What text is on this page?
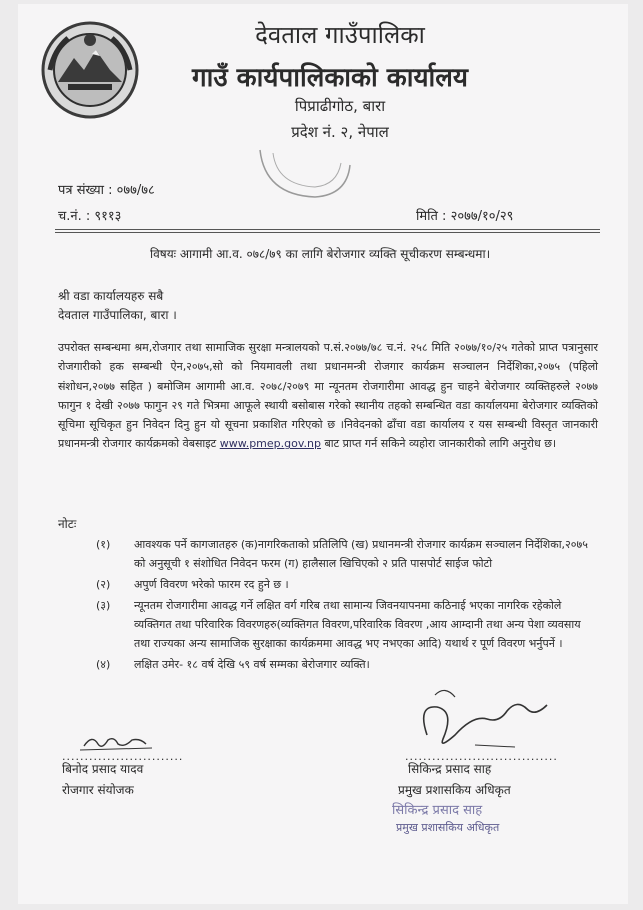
देवताल गाउँपालिका
गाउँ कार्यपालिकाको कार्यालय
पिप्राढीगोठ, बारा
प्रदेश नं. २, नेपाल
पत्र संख्या : ०७७/७८
च.नं. : ९११३	मिति : २०७७/१०/२९
विषयः आगामी आ.व. ०७८/७९ का लागि बेरोजगार व्यक्ति सूचीकरण सम्बन्धमा।
श्री वडा कार्यालयहरु सबै
देवताल गाउँपालिका, बारा ।
उपरोक्त सम्बन्धमा श्रम,रोजगार तथा सामाजिक सुरक्षा मन्त्रालयको प.सं.२०७७/७८ च.नं. २५८ मिति २०७७/१०/२५ गतेको प्राप्त पत्रानुसार रोजगारीको हक सम्बन्धी ऐन,२०७५,सो को नियमावली तथा प्रधानमन्त्री रोजगार कार्यक्रम सञ्चालन निर्देशिका,२०७५ (पहिलो संशोधन,२०७७ सहित ) बमोजिम आगामी आ.व. २०७८/२०७९ मा न्यूनतम रोजगारीमा आवद्ध हुन चाहने बेरोजगार व्यक्तिहरुले २०७७ फागुन १ देखी २०७७ फागुन २९ गते भित्रमा आफूले स्थायी बसोबास गरेको स्थानीय तहको सम्बन्धित वडा कार्यालयमा बेरोजगार व्यक्तिको सूचिमा सूचिकृत हुन निवेदन दिनु हुन यो सूचना प्रकाशित गरिएको छ ।निवेदनको ढाँचा वडा कार्यालय र यस सम्बन्धी विस्तृत जानकारी प्रधानमन्त्री रोजगार कार्यक्रमको वेबसाइट www.pmep.gov.np बाट प्राप्त गर्न सकिने व्यहोरा जानकारीको लागि अनुरोध छ।
नोटः
(१) आवश्यक पर्ने कागजातहरु (क)नागरिकताको प्रतिलिपि (ख) प्रधानमन्त्री रोजगार कार्यक्रम सञ्चालन निर्देशिका,२०७५ को अनुसूची १ संशोधित निवेदन फरम (ग) हालैसाल खिचिएको २ प्रति पासपोर्ट साईज फोटो
(२) अपुर्ण विवरण भरेको फारम रद हुने छ ।
(३) न्यूनतम रोजगारीमा आवद्ध गर्ने लक्षित वर्ग गरिब तथा सामान्य जिवनयापनमा कठिनाई भएका नागरिक रहेकोले व्यक्तिगत तथा परिवारिक विवरणहरु(व्यक्तिगत विवरण,परिवारिक विवरण ,आय आम्दानी तथा अन्य पेशा व्यवसाय तथा राज्यका अन्य सामाजिक सुरक्षाका कार्यक्रममा आवद्ध भए नभएका आदि) यथार्थ र पूर्ण विवरण भर्नुपर्ने ।
(४) लक्षित उमेर- १८ वर्ष देखि ५९ वर्ष सम्मका बेरोजगार व्यक्ति।
...........................	..................................
बिनोद प्रसाद यादव
रोजगार संयोजक
सिकिन्द्र प्रसाद साह
प्रमुख प्रशासकिय अधिकृत
सिकिन्द्र प्रसाद साह
प्रमुख प्रशासकिय अधिकृत
